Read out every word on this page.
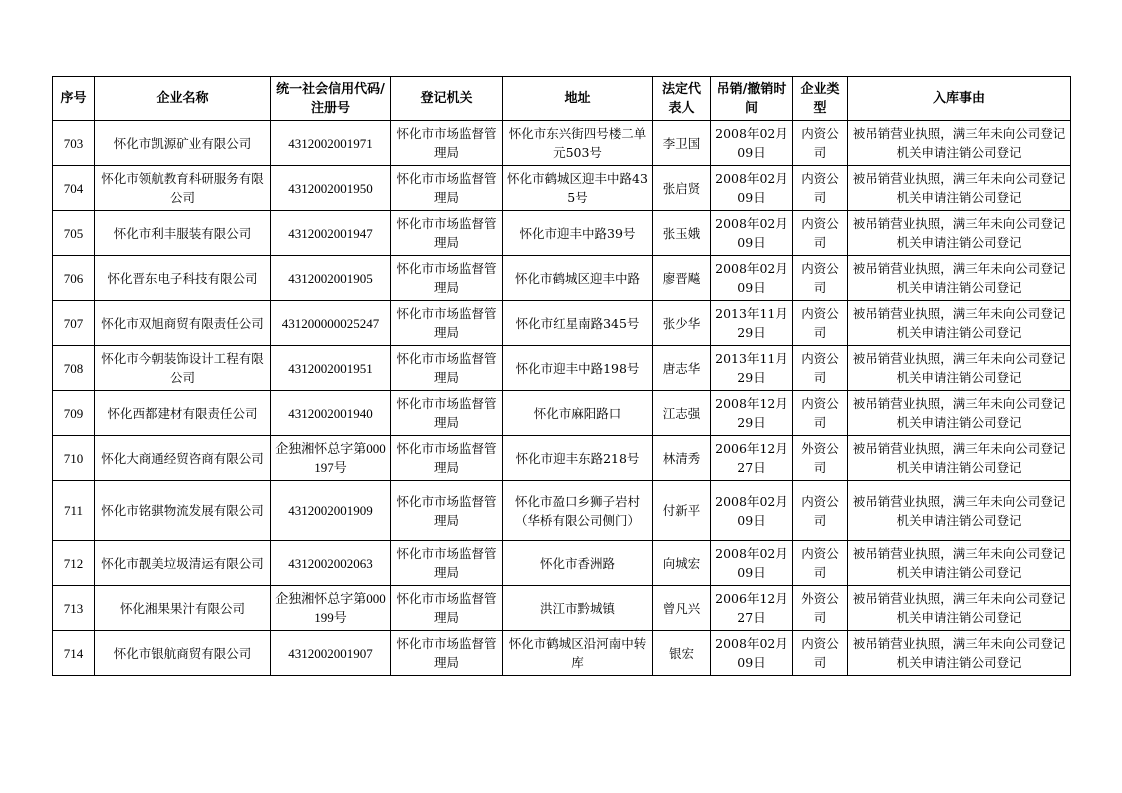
序号	企业名称	统一社会信用代码/注册号	登记机关	地址	法定代表人	吊销/撤销时间	企业类型	入库事由
703	怀化市凯源矿业有限公司	4312002001971	怀化市市场监督管理局	怀化市东兴街四号楼二单元503号	李卫国	2008年02月09日	内资公司	被吊销营业执照，满三年未向公司登记机关申请注销公司登记
704	怀化市领航教育科研服务有限公司	4312002001950	怀化市市场监督管理局	怀化市鹤城区迎丰中路435号	张启贤	2008年02月09日	内资公司	被吊销营业执照，满三年未向公司登记机关申请注销公司登记
705	怀化市利丰服装有限公司	4312002001947	怀化市市场监督管理局	怀化市迎丰中路39号	张玉娥	2008年02月09日	内资公司	被吊销营业执照，满三年未向公司登记机关申请注销公司登记
706	怀化晋东电子科技有限公司	4312002001905	怀化市市场监督管理局	怀化市鹤城区迎丰中路	廖晋飚	2008年02月09日	内资公司	被吊销营业执照，满三年未向公司登记机关申请注销公司登记
707	怀化市双旭商贸有限责任公司	431200000025247	怀化市市场监督管理局	怀化市红星南路345号	张少华	2013年11月29日	内资公司	被吊销营业执照，满三年未向公司登记机关申请注销公司登记
708	怀化市今朝装饰设计工程有限公司	4312002001951	怀化市市场监督管理局	怀化市迎丰中路198号	唐志华	2013年11月29日	内资公司	被吊销营业执照，满三年未向公司登记机关申请注销公司登记
709	怀化西都建材有限责任公司	4312002001940	怀化市市场监督管理局	怀化市麻阳路口	江志强	2008年12月29日	内资公司	被吊销营业执照，满三年未向公司登记机关申请注销公司登记
710	怀化大商通经贸咨商有限公司	企独湘怀总字第000197号	怀化市市场监督管理局	怀化市迎丰东路218号	林清秀	2006年12月27日	外资公司	被吊销营业执照，满三年未向公司登记机关申请注销公司登记
711	怀化市铭骐物流发展有限公司	4312002001909	怀化市市场监督管理局	怀化市盈口乡狮子岩村（华桥有限公司侧门）	付新平	2008年02月09日	内资公司	被吊销营业执照，满三年未向公司登记机关申请注销公司登记
712	怀化市靓美垃圾清运有限公司	4312002002063	怀化市市场监督管理局	怀化市香洲路	向城宏	2008年02月09日	内资公司	被吊销营业执照，满三年未向公司登记机关申请注销公司登记
713	怀化湘果果汁有限公司	企独湘怀总字第000199号	怀化市市场监督管理局	洪江市黔城镇	曾凡兴	2006年12月27日	外资公司	被吊销营业执照，满三年未向公司登记机关申请注销公司登记
714	怀化市银航商贸有限公司	4312002001907	怀化市市场监督管理局	怀化市鹤城区沿河南中转库	银宏	2008年02月09日	内资公司	被吊销营业执照，满三年未向公司登记机关申请注销公司登记
